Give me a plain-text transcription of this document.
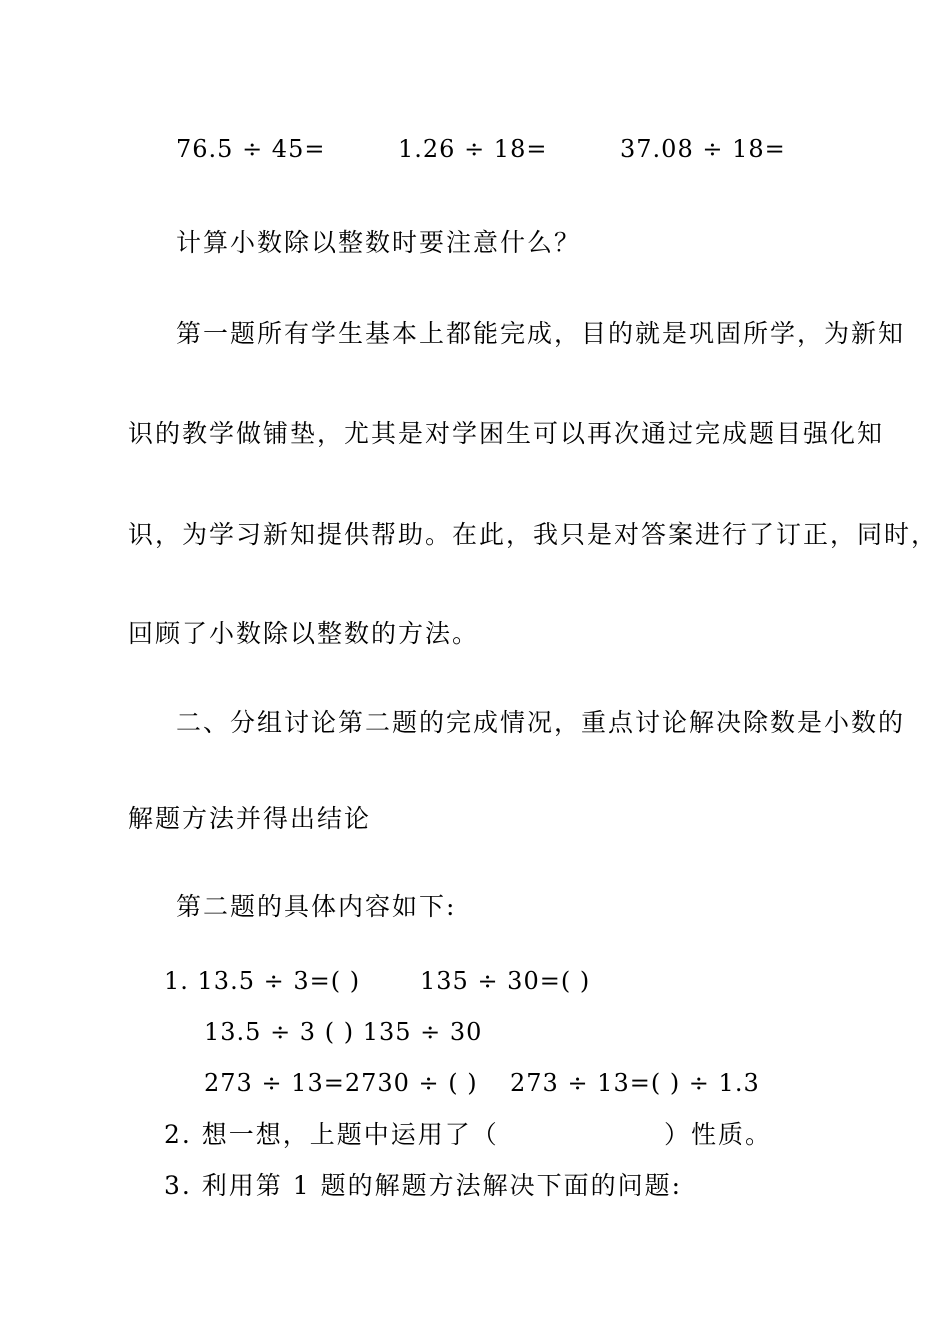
76.5 ÷ 45=	1.26 ÷ 18=	37.08 ÷ 18=
计算小数除以整数时要注意什么？
第一题所有学生基本上都能完成，目的就是巩固所学，为新知
识的教学做铺垫，尤其是对学困生可以再次通过完成题目强化知
识，为学习新知提供帮助。在此，我只是对答案进行了订正，同时，
回顾了小数除以整数的方法。
二、分组讨论第二题的完成情况，重点讨论解决除数是小数的
解题方法并得出结论
第二题的具体内容如下:
1. 13.5 ÷ 3=( ) 135 ÷ 30=( )
13.5 ÷ 3 ( ) 135 ÷ 30
273 ÷ 13=2730 ÷ ( ) 273 ÷ 13=( ) ÷ 1.3
2. 想一想，上题中运用了（	）性质。
3. 利用第 1 题的解题方法解决下面的问题:
